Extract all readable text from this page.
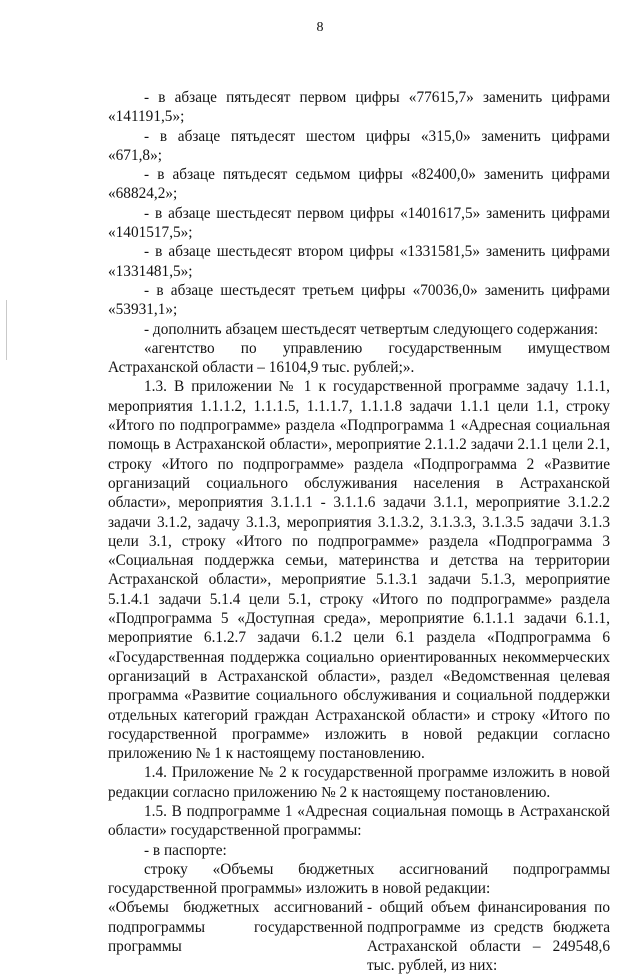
8

- в абзаце пятьдесят первом цифры «77615,7» заменить цифрами «141191,5»;

- в абзаце пятьдесят шестом цифры «315,0» заменить цифрами «671,8»;

- в абзаце пятьдесят седьмом цифры «82400,0» заменить цифрами «68824,2»;

- в абзаце шестьдесят первом цифры «1401617,5» заменить цифрами «1401517,5»;

- в абзаце шестьдесят втором цифры «1331581,5» заменить цифрами «1331481,5»;

- в абзаце шестьдесят третьем цифры «70036,0» заменить цифрами «53931,1»;

- дополнить абзацем шестьдесят четвертым следующего содержания:

«агентство по управлению государственным имуществом Астраханской области – 16104,9 тыс. рублей;».

1.3. В приложении № 1 к государственной программе задачу 1.1.1, мероприятия 1.1.1.2, 1.1.1.5, 1.1.1.7, 1.1.1.8 задачи 1.1.1 цели 1.1, строку «Итого по подпрограмме» раздела «Подпрограмма 1 «Адресная социальная помощь в Астраханской области», мероприятие 2.1.1.2 задачи 2.1.1 цели 2.1, строку «Итого по подпрограмме» раздела «Подпрограмма 2 «Развитие организаций социального обслуживания населения в Астраханской области», мероприятия 3.1.1.1 - 3.1.1.6 задачи 3.1.1, мероприятие 3.1.2.2 задачи 3.1.2, задачу 3.1.3, мероприятия 3.1.3.2, 3.1.3.3, 3.1.3.5 задачи 3.1.3 цели 3.1, строку «Итого по подпрограмме» раздела «Подпрограмма 3 «Социальная поддержка семьи, материнства и детства на территории Астраханской области», мероприятие 5.1.3.1 задачи 5.1.3, мероприятие 5.1.4.1 задачи 5.1.4 цели 5.1, строку «Итого по подпрограмме» раздела «Подпрограмма 5 «Доступная среда», мероприятие 6.1.1.1 задачи 6.1.1, мероприятие 6.1.2.7 задачи 6.1.2 цели 6.1 раздела «Подпрограмма 6 «Государственная поддержка социально ориентированных некоммерческих организаций в Астраханской области», раздел «Ведомственная целевая программа «Развитие социального обслуживания и социальной поддержки отдельных категорий граждан Астраханской области» и строку «Итого по государственной программе» изложить в новой редакции согласно приложению № 1 к настоящему постановлению.

1.4. Приложение № 2 к государственной программе изложить в новой редакции согласно приложению № 2 к настоящему постановлению.

1.5. В подпрограмме 1 «Адресная социальная помощь в Астраханской области» государственной программы:

- в паспорте:

строку «Объемы бюджетных ассигнований подпрограммы государственной программы» изложить в новой редакции:

«Объемы бюджетных ассигнований подпрограммы государственной программы

- общий объем финансирования по подпрограмме из средств бюджета Астраханской области – 249548,6 тыс. рублей, из них:
